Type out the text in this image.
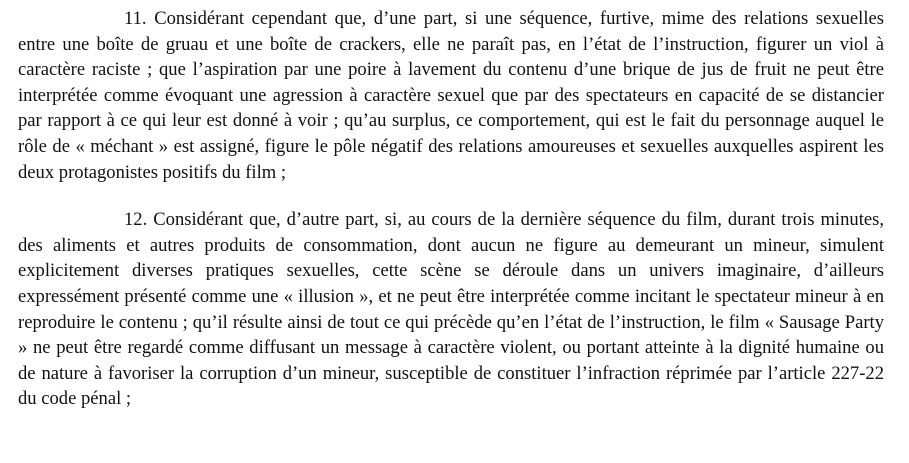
11. Considérant cependant que, d’une part, si une séquence, furtive, mime des relations sexuelles entre une boîte de gruau et une boîte de crackers, elle ne paraît pas, en l’état de l’instruction, figurer un viol à caractère raciste ; que l’aspiration par une poire à lavement du contenu d’une brique de jus de fruit ne peut être interprétée comme évoquant une agression à caractère sexuel que par des spectateurs en capacité de se distancier par rapport à ce qui leur est donné à voir ; qu’au surplus, ce comportement, qui est le fait du personnage auquel le rôle de « méchant » est assigné, figure le pôle négatif des relations amoureuses et sexuelles auxquelles aspirent les deux protagonistes positifs du film ;

12. Considérant que, d’autre part, si, au cours de la dernière séquence du film, durant trois minutes, des aliments et autres produits de consommation, dont aucun ne figure au demeurant un mineur, simulent explicitement diverses pratiques sexuelles, cette scène se déroule dans un univers imaginaire, d’ailleurs expressément présenté comme une « illusion », et ne peut être interprétée comme incitant le spectateur mineur à en reproduire le contenu ; qu’il résulte ainsi de tout ce qui précède qu’en l’état de l’instruction, le film « Sausage Party » ne peut être regardé comme diffusant un message à caractère violent, ou portant atteinte à la dignité humaine ou de nature à favoriser la corruption d’un mineur, susceptible de constituer l’infraction réprimée par l’article 227-22 du code pénal ;
